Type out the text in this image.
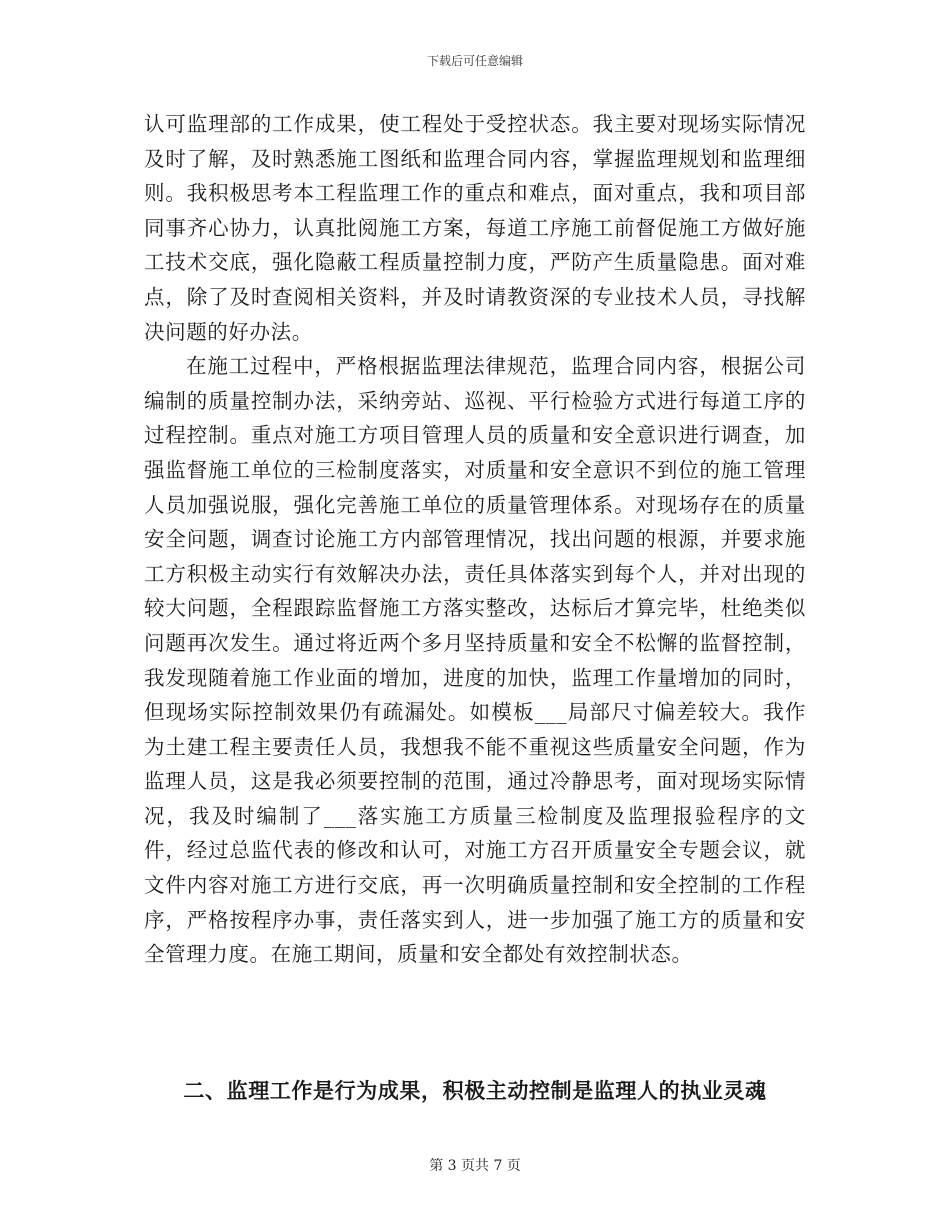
下载后可任意编辑

认可监理部的工作成果，使工程处于受控状态。我主要对现场实际情况及时了解，及时熟悉施工图纸和监理合同内容，掌握监理规划和监理细则。我积极思考本工程监理工作的重点和难点，面对重点，我和项目部同事齐心协力，认真批阅施工方案，每道工序施工前督促施工方做好施工技术交底，强化隐蔽工程质量控制力度，严防产生质量隐患。面对难点，除了及时查阅相关资料，并及时请教资深的专业技术人员，寻找解决问题的好办法。

在施工过程中，严格根据监理法律规范，监理合同内容，根据公司编制的质量控制办法，采纳旁站、巡视、平行检验方式进行每道工序的过程控制。重点对施工方项目管理人员的质量和安全意识进行调查，加强监督施工单位的三检制度落实，对质量和安全意识不到位的施工管理人员加强说服，强化完善施工单位的质量管理体系。对现场存在的质量安全问题，调查讨论施工方内部管理情况，找出问题的根源，并要求施工方积极主动实行有效解决办法，责任具体落实到每个人，并对出现的较大问题，全程跟踪监督施工方落实整改，达标后才算完毕，杜绝类似问题再次发生。通过将近两个多月坚持质量和安全不松懈的监督控制，我发现随着施工作业面的增加，进度的加快，监理工作量增加的同时，但现场实际控制效果仍有疏漏处。如模板___局部尺寸偏差较大。我作为土建工程主要责任人员，我想我不能不重视这些质量安全问题，作为监理人员，这是我必须要控制的范围，通过冷静思考，面对现场实际情况，我及时编制了___落实施工方质量三检制度及监理报验程序的文件，经过总监代表的修改和认可，对施工方召开质量安全专题会议，就文件内容对施工方进行交底，再一次明确质量控制和安全控制的工作程序，严格按程序办事，责任落实到人，进一步加强了施工方的质量和安全管理力度。在施工期间，质量和安全都处有效控制状态。

二、监理工作是行为成果，积极主动控制是监理人的执业灵魂
第 3 页共 7 页
